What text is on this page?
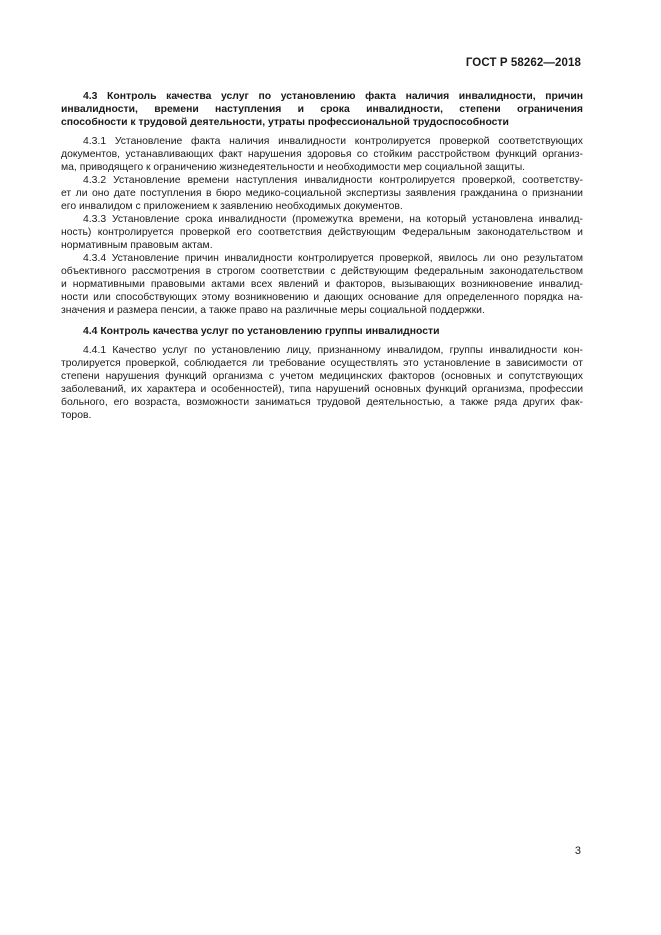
ГОСТ Р 58262—2018
4.3 Контроль качества услуг по установлению факта наличия инвалидности, причин
инвалидности, времени наступления и срока инвалидности, степени ограничения
способности к трудовой деятельности, утраты профессиональной трудоспособности
4.3.1 Установление факта наличия инвалидности контролируется проверкой соответствующих
документов, устанавливающих факт нарушения здоровья со стойким расстройством функций организ-
ма, приводящего к ограничению жизнедеятельности и необходимости мер социальной защиты.
4.3.2 Установление времени наступления инвалидности контролируется проверкой, соответству-
ет ли оно дате поступления в бюро медико-социальной экспертизы заявления гражданина о признании
его инвалидом с приложением к заявлению необходимых документов.
4.3.3 Установление срока инвалидности (промежутка времени, на который установлена инвалид-
ность) контролируется проверкой его соответствия действующим Федеральным законодательством и
нормативным правовым актам.
4.3.4 Установление причин инвалидности контролируется проверкой, явилось ли оно результатом
объективного рассмотрения в строгом соответствии с действующим федеральным законодательством
и нормативными правовыми актами всех явлений и факторов, вызывающих возникновение инвалид-
ности или способствующих этому возникновению и дающих основание для определенного порядка на-
значения и размера пенсии, а также право на различные меры социальной поддержки.
4.4 Контроль качества услуг по установлению группы инвалидности
4.4.1 Качество услуг по установлению лицу, признанному инвалидом, группы инвалидности кон-
тролируется проверкой, соблюдается ли требование осуществлять это установление в зависимости от
степени нарушения функций организма с учетом медицинских факторов (основных и сопутствующих
заболеваний, их характера и особенностей), типа нарушений основных функций организма, профессии
больного, его возраста, возможности заниматься трудовой деятельностью, а также ряда других фак-
торов.
3
